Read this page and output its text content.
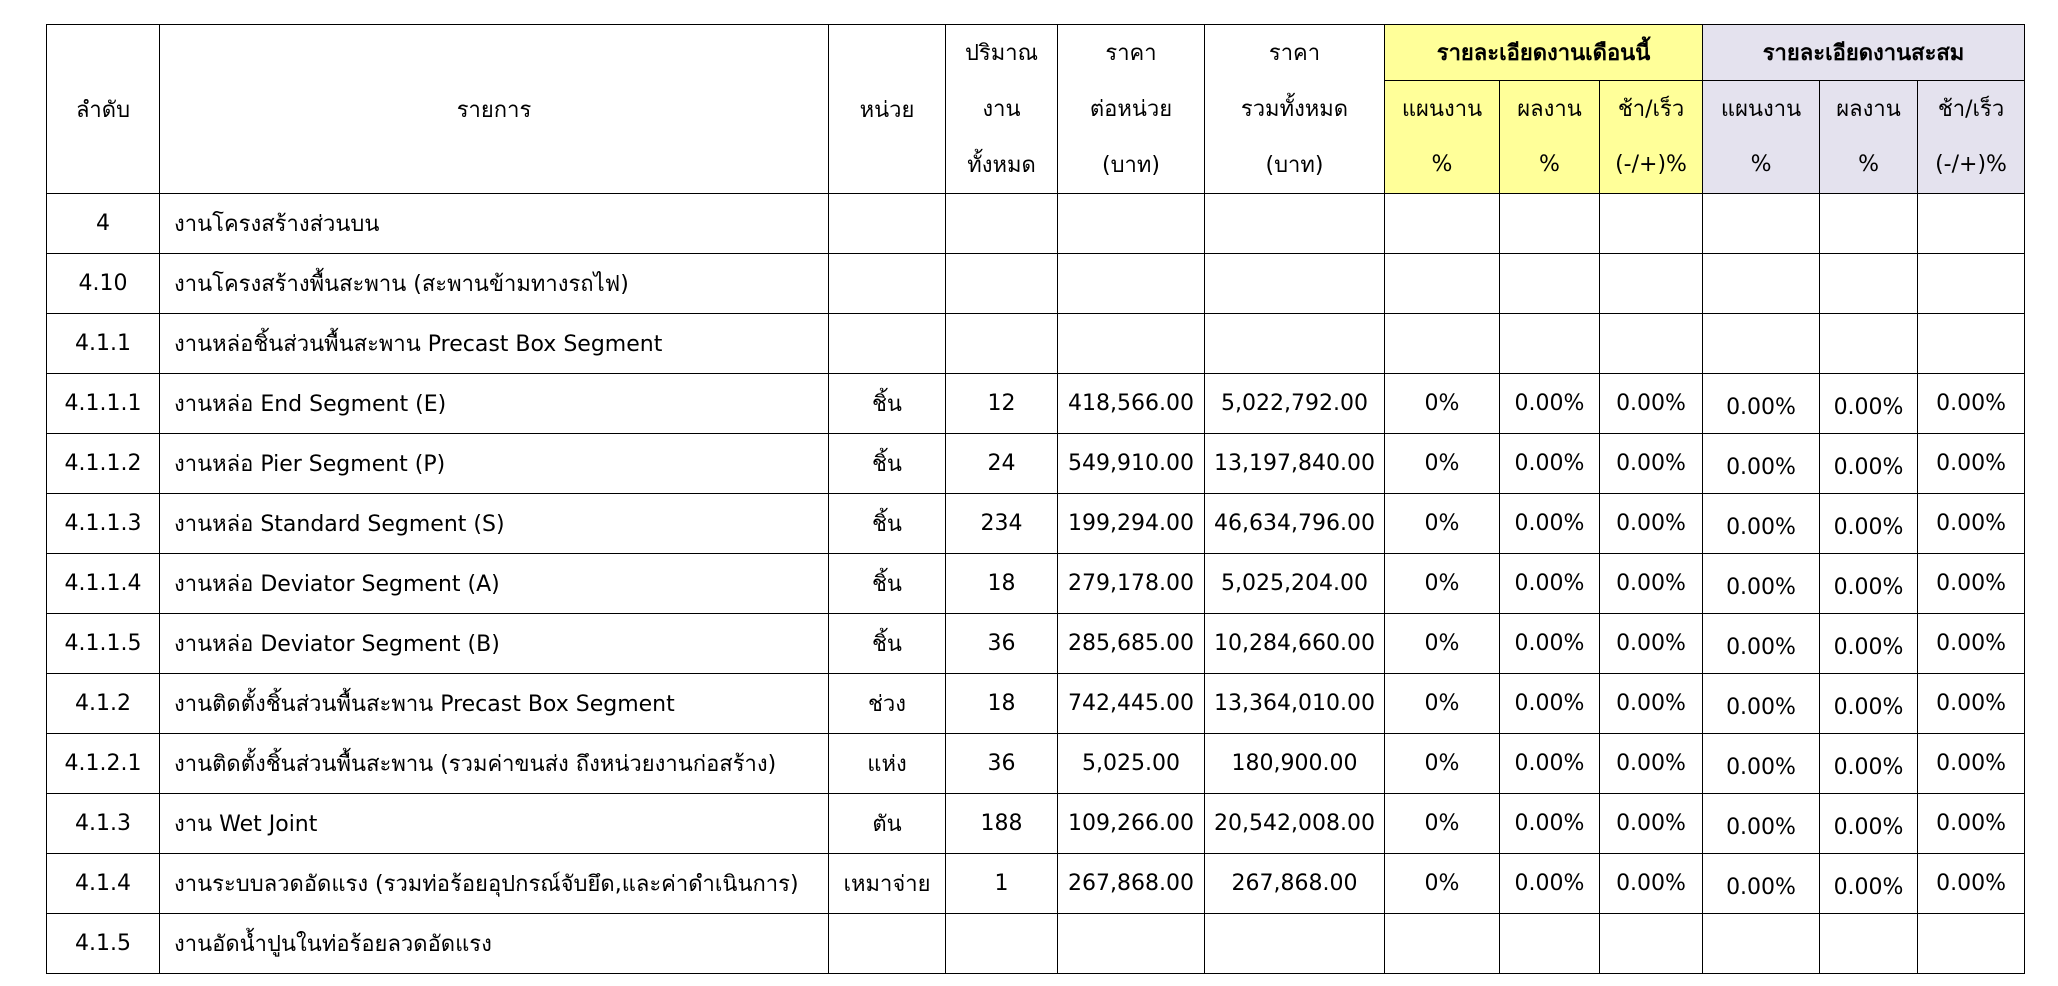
ลำดับ	รายการ	หน่วย	ปริมาณ	ราคา	ราคา	รายละเอียดงานเดือนนี้			รายละเอียดงานสะสม		
			งาน	ต่อหน่วย	รวมทั้งหมด	แผนงาน	ผลงาน	ช้า/เร็ว	แผนงาน	ผลงาน	ช้า/เร็ว
			ทั้งหมด	(บาท)	(บาท)	%	%	(-/+)%	%	%	(-/+)%
4	งานโครงสร้างส่วนบน										
4.10	งานโครงสร้างพื้นสะพาน (สะพานข้ามทางรถไฟ)										
4.1.1	งานหล่อชิ้นส่วนพื้นสะพาน Precast Box Segment										
4.1.1.1	งานหล่อ End Segment (E)	ชิ้น	12	418,566.00	5,022,792.00	0%	0.00%	0.00%	0.00%	0.00%	0.00%
4.1.1.2	งานหล่อ Pier Segment (P)	ชิ้น	24	549,910.00	13,197,840.00	0%	0.00%	0.00%	0.00%	0.00%	0.00%
4.1.1.3	งานหล่อ Standard Segment (S)	ชิ้น	234	199,294.00	46,634,796.00	0%	0.00%	0.00%	0.00%	0.00%	0.00%
4.1.1.4	งานหล่อ Deviator Segment (A)	ชิ้น	18	279,178.00	5,025,204.00	0%	0.00%	0.00%	0.00%	0.00%	0.00%
4.1.1.5	งานหล่อ Deviator Segment (B)	ชิ้น	36	285,685.00	10,284,660.00	0%	0.00%	0.00%	0.00%	0.00%	0.00%
4.1.2	งานติดตั้งชิ้นส่วนพื้นสะพาน Precast Box Segment	ช่วง	18	742,445.00	13,364,010.00	0%	0.00%	0.00%	0.00%	0.00%	0.00%
4.1.2.1	งานติดตั้งชิ้นส่วนพื้นสะพาน (รวมค่าขนส่ง ถึงหน่วยงานก่อสร้าง)	แห่ง	36	5,025.00	180,900.00	0%	0.00%	0.00%	0.00%	0.00%	0.00%
4.1.3	งาน Wet Joint	ตัน	188	109,266.00	20,542,008.00	0%	0.00%	0.00%	0.00%	0.00%	0.00%
4.1.4	งานระบบลวดอัดแรง (รวมท่อร้อยอุปกรณ์จับยึด,และค่าดำเนินการ)	เหมาจ่าย	1	267,868.00	267,868.00	0%	0.00%	0.00%	0.00%	0.00%	0.00%
4.1.5	งานอัดน้ำปูนในท่อร้อยลวดอัดแรง										
